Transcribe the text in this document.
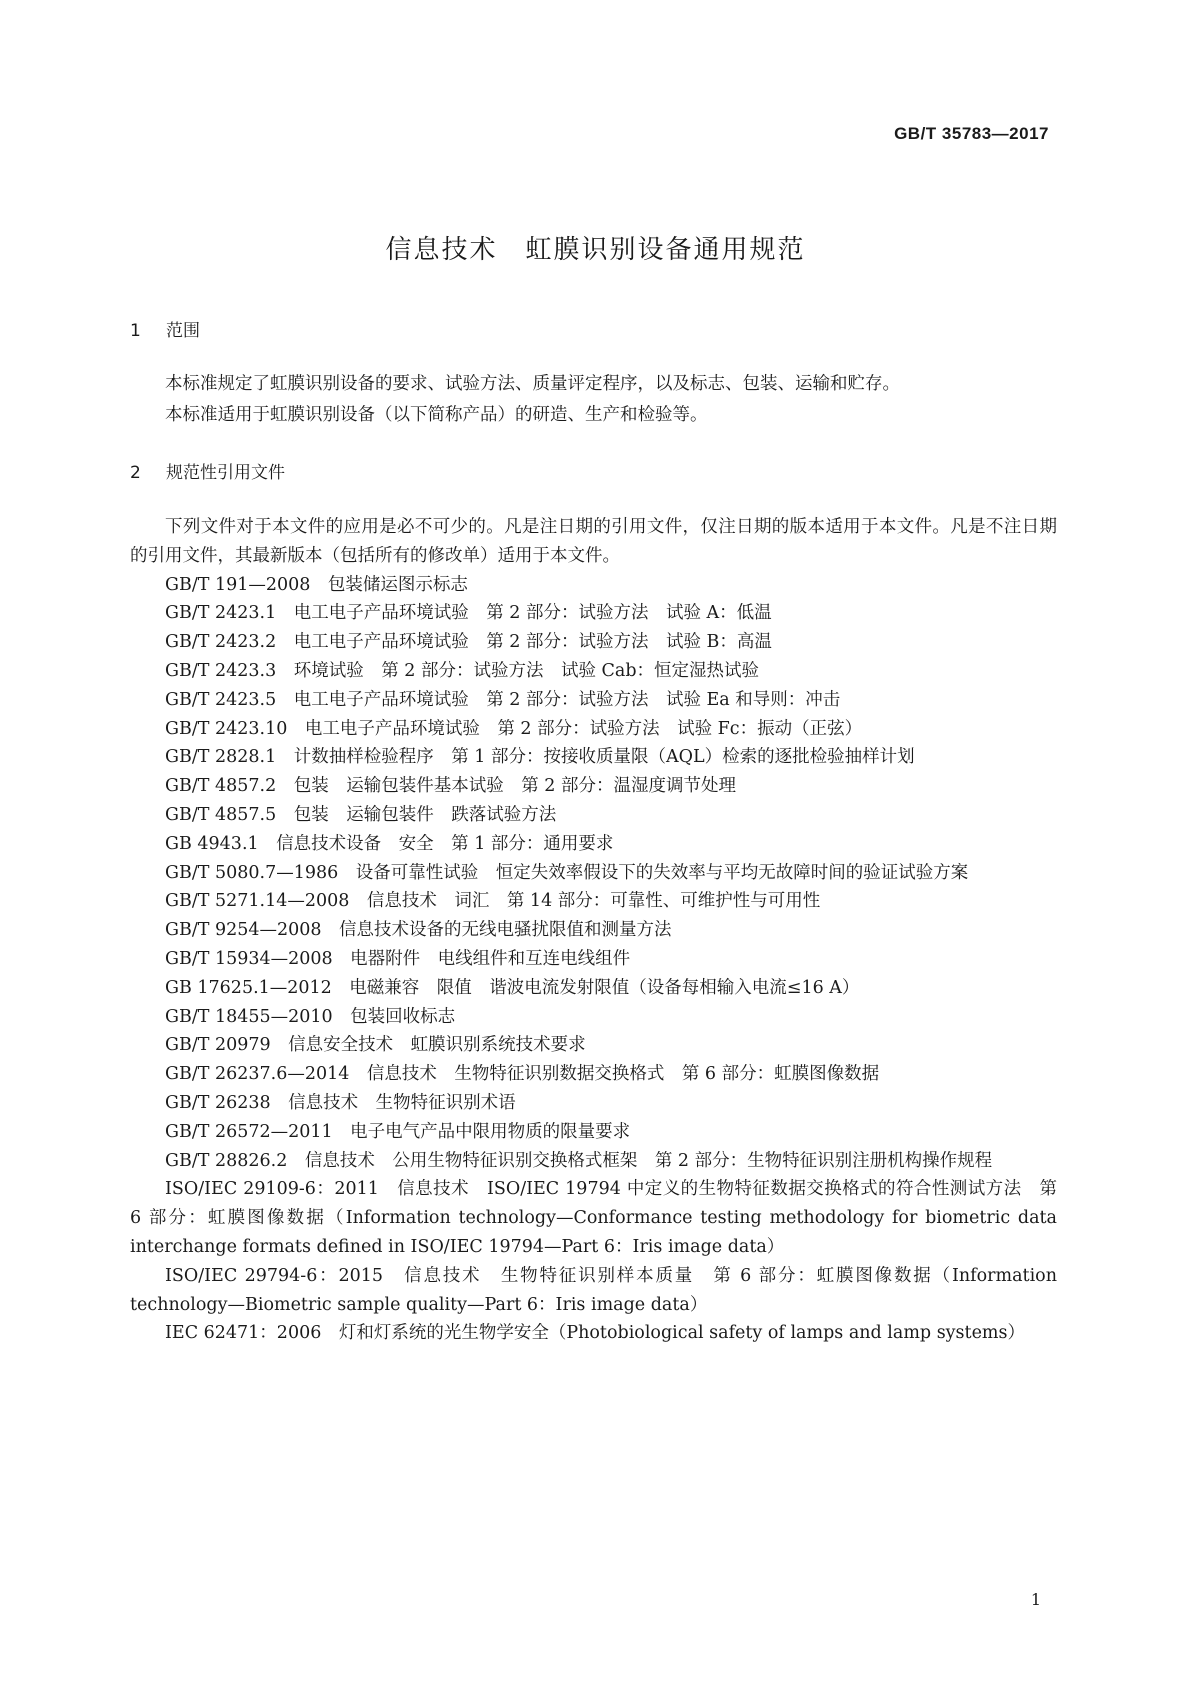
GB/T 35783—2017
信息技术　虹膜识别设备通用规范
1 范围

本标准规定了虹膜识别设备的要求、试验方法、质量评定程序，以及标志、包装、运输和贮存。

本标准适用于虹膜识别设备（以下简称产品）的研造、生产和检验等。

2 规范性引用文件

下列文件对于本文件的应用是必不可少的。凡是注日期的引用文件，仅注日期的版本适用于本文件。凡是不注日期的引用文件，其最新版本（包括所有的修改单）适用于本文件。

GB/T 191—2008　包装储运图示标志

GB/T 2423.1　电工电子产品环境试验　第 2 部分：试验方法　试验 A：低温

GB/T 2423.2　电工电子产品环境试验　第 2 部分：试验方法　试验 B：高温

GB/T 2423.3　环境试验　第 2 部分：试验方法　试验 Cab：恒定湿热试验

GB/T 2423.5　电工电子产品环境试验　第 2 部分：试验方法　试验 Ea 和导则：冲击

GB/T 2423.10　电工电子产品环境试验　第 2 部分：试验方法　试验 Fc：振动（正弦）

GB/T 2828.1　计数抽样检验程序　第 1 部分：按接收质量限（AQL）检索的逐批检验抽样计划

GB/T 4857.2　包装　运输包装件基本试验　第 2 部分：温湿度调节处理

GB/T 4857.5　包装　运输包装件　跌落试验方法

GB 4943.1　信息技术设备　安全　第 1 部分：通用要求

GB/T 5080.7—1986　设备可靠性试验　恒定失效率假设下的失效率与平均无故障时间的验证试验方案

GB/T 5271.14—2008　信息技术　词汇　第 14 部分：可靠性、可维护性与可用性

GB/T 9254—2008　信息技术设备的无线电骚扰限值和测量方法

GB/T 15934—2008　电器附件　电线组件和互连电线组件

GB 17625.1—2012　电磁兼容　限值　谐波电流发射限值（设备每相输入电流≤16 A）

GB/T 18455—2010　包装回收标志

GB/T 20979　信息安全技术　虹膜识别系统技术要求

GB/T 26237.6—2014　信息技术　生物特征识别数据交换格式　第 6 部分：虹膜图像数据

GB/T 26238　信息技术　生物特征识别术语

GB/T 26572—2011　电子电气产品中限用物质的限量要求

GB/T 28826.2　信息技术　公用生物特征识别交换格式框架　第 2 部分：生物特征识别注册机构操作规程

ISO/IEC 29109-6：2011　信息技术　ISO/IEC 19794 中定义的生物特征数据交换格式的符合性测试方法　第 6 部分：虹膜图像数据（Information technology—Conformance testing methodology for biometric data interchange formats defined in ISO/IEC 19794—Part 6：Iris image data）

ISO/IEC 29794-6：2015　信息技术　生物特征识别样本质量　第 6 部分：虹膜图像数据（Information technology—Biometric sample quality—Part 6：Iris image data）

IEC 62471：2006　灯和灯系统的光生物学安全（Photobiological safety of lamps and lamp systems）

1
